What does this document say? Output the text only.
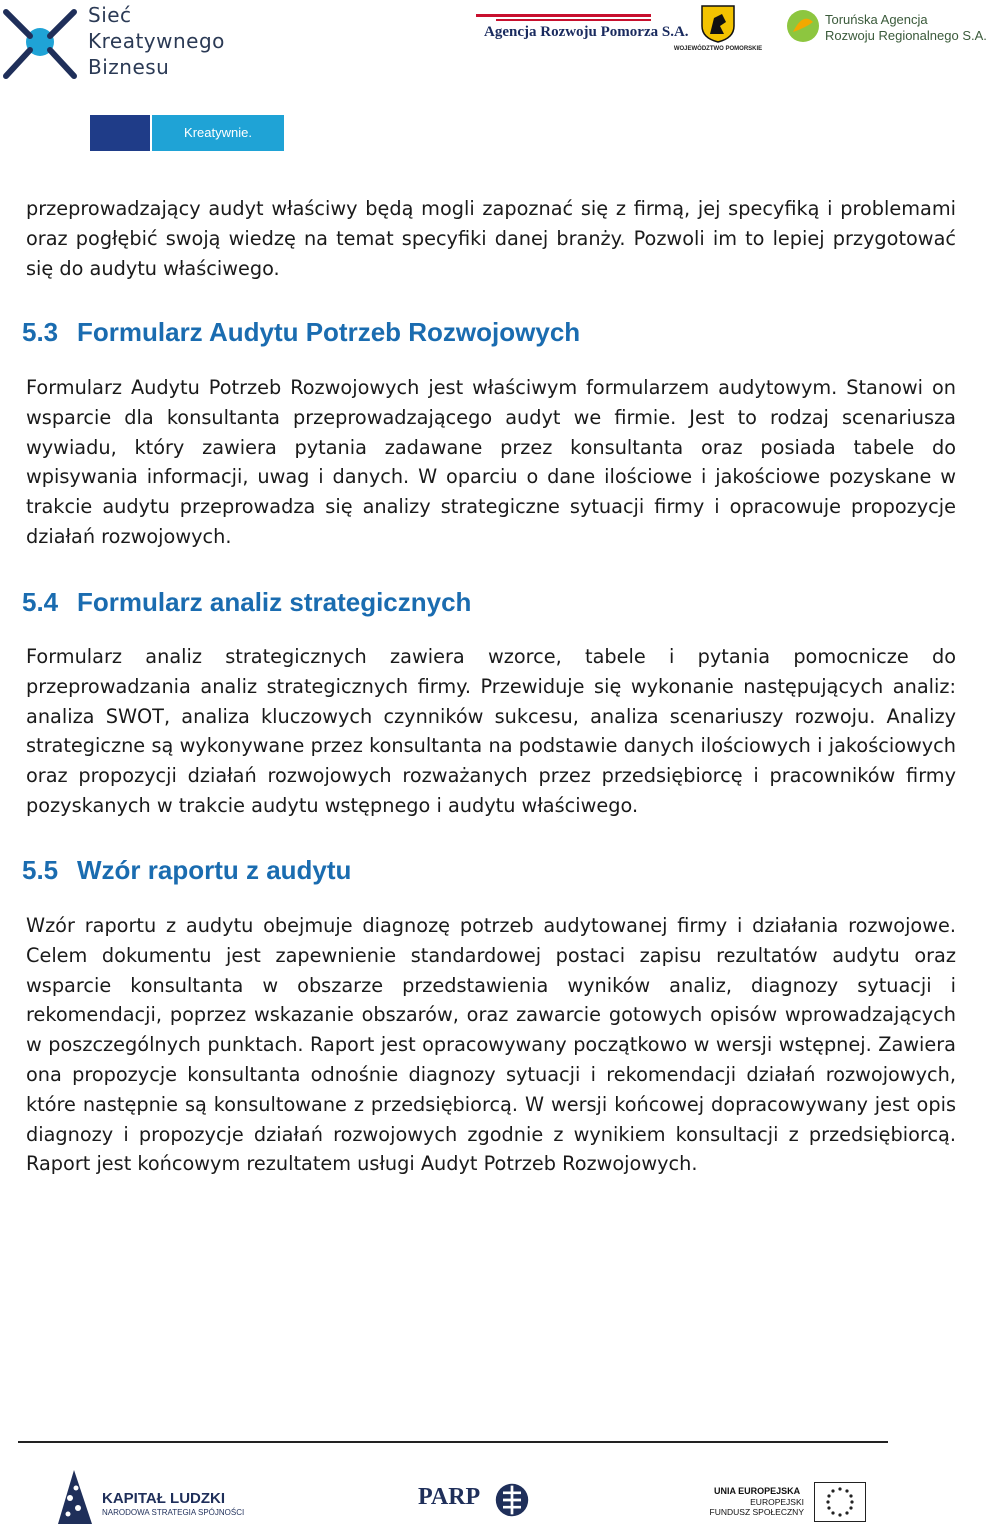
Sieć
Kreatywnego
Biznesu
Kreatywnie.
Agencja Rozwoju Pomorza S.A.
WOJEWÓDZTWO POMORSKIE
Toruńska Agencja
Rozwoju Regionalnego S.A.

przeprowadzający audyt właściwy będą mogli zapoznać się z firmą, jej specyfiką i problemami oraz pogłębić swoją wiedzę na temat specyfiki danej branży. Pozwoli im to lepiej przygotować się do audytu właściwego.

5.3 Formularz Audytu Potrzeb Rozwojowych

Formularz Audytu Potrzeb Rozwojowych jest właściwym formularzem audytowym. Stanowi on wsparcie dla konsultanta przeprowadzającego audyt we firmie. Jest to rodzaj scenariusza wywiadu, który zawiera pytania zadawane przez konsultanta oraz posiada tabele do wpisywania informacji, uwag i danych. W oparciu o dane ilościowe i jakościowe pozyskane w trakcie audytu przeprowadza się analizy strategiczne sytuacji firmy i opracowuje propozycje działań rozwojowych.

5.4 Formularz analiz strategicznych

Formularz analiz strategicznych zawiera wzorce, tabele i pytania pomocnicze do przeprowadzania analiz strategicznych firmy. Przewiduje się wykonanie następujących analiz: analiza SWOT, analiza kluczowych czynników sukcesu, analiza scenariuszy rozwoju. Analizy strategiczne są wykonywane przez konsultanta na podstawie danych ilościowych i jakościowych oraz propozycji działań rozwojowych rozważanych przez przedsiębiorcę i pracowników firmy pozyskanych w trakcie audytu wstępnego i audytu właściwego.

5.5 Wzór raportu z audytu

Wzór raportu z audytu obejmuje diagnozę potrzeb audytowanej firmy i działania rozwojowe. Celem dokumentu jest zapewnienie standardowej postaci zapisu rezultatów audytu oraz wsparcie konsultanta w obszarze przedstawienia wyników analiz, diagnozy sytuacji i rekomendacji, poprzez wskazanie obszarów, oraz zawarcie gotowych opisów wprowadzających w poszczególnych punktach. Raport jest opracowywany początkowo w wersji wstępnej. Zawiera ona propozycje konsultanta odnośnie diagnozy sytuacji i rekomendacji działań rozwojowych, które następnie są konsultowane z przedsiębiorcą. W wersji końcowej dopracowywany jest opis diagnozy i propozycje działań rozwojowych zgodnie z wynikiem konsultacji z przedsiębiorcą. Raport jest końcowym rezultatem usługi Audyt Potrzeb Rozwojowych.

KAPITAŁ LUDZKI
NARODOWA STRATEGIA SPÓJNOŚCI
PARP	UNIA EUROPEJSKA
EUROPEJSKI
FUNDUSZ SPOŁECZNY
